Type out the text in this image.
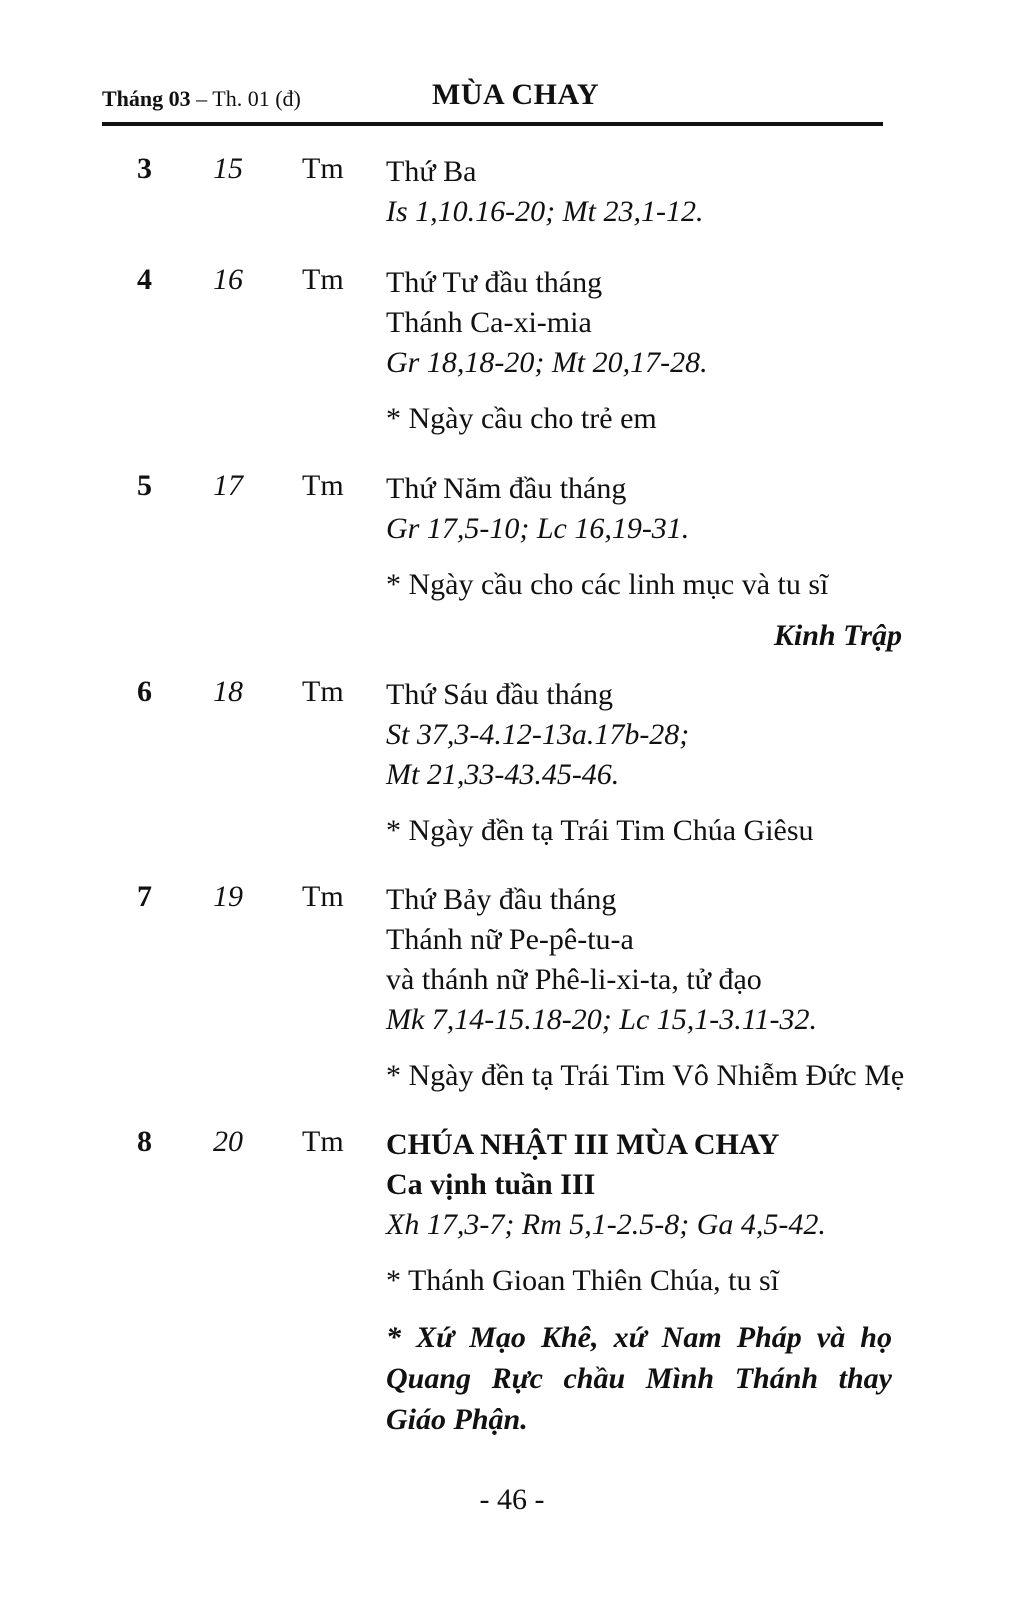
Tháng 03 – Th. 01 (đ)	MÙA CHAY
3 15 Tm Thứ Ba
Is 1,10.16-20; Mt 23,1-12.
4 16 Tm Thứ Tư đầu tháng
Thánh Ca-xi-mia
Gr 18,18-20; Mt 20,17-28.
* Ngày cầu cho trẻ em
5 17 Tm Thứ Năm đầu tháng
Gr 17,5-10; Lc 16,19-31.
* Ngày cầu cho các linh mục và tu sĩ
Kinh Trập
6 18 Tm Thứ Sáu đầu tháng
St 37,3-4.12-13a.17b-28;
Mt 21,33-43.45-46.
* Ngày đền tạ Trái Tim Chúa Giêsu
7 19 Tm Thứ Bảy đầu tháng
Thánh nữ Pe-pê-tu-a
và thánh nữ Phê-li-xi-ta, tử đạo
Mk 7,14-15.18-20; Lc 15,1-3.11-32.
* Ngày đền tạ Trái Tim Vô Nhiễm Đức Mẹ
8 20 Tm CHÚA NHẬT III MÙA CHAY
Ca vịnh tuần III
Xh 17,3-7; Rm 5,1-2.5-8; Ga 4,5-42.
* Thánh Gioan Thiên Chúa, tu sĩ
* Xứ Mạo Khê, xứ Nam Pháp và họ Quang Rực chầu Mình Thánh thay Giáo Phận.
- 46 -
